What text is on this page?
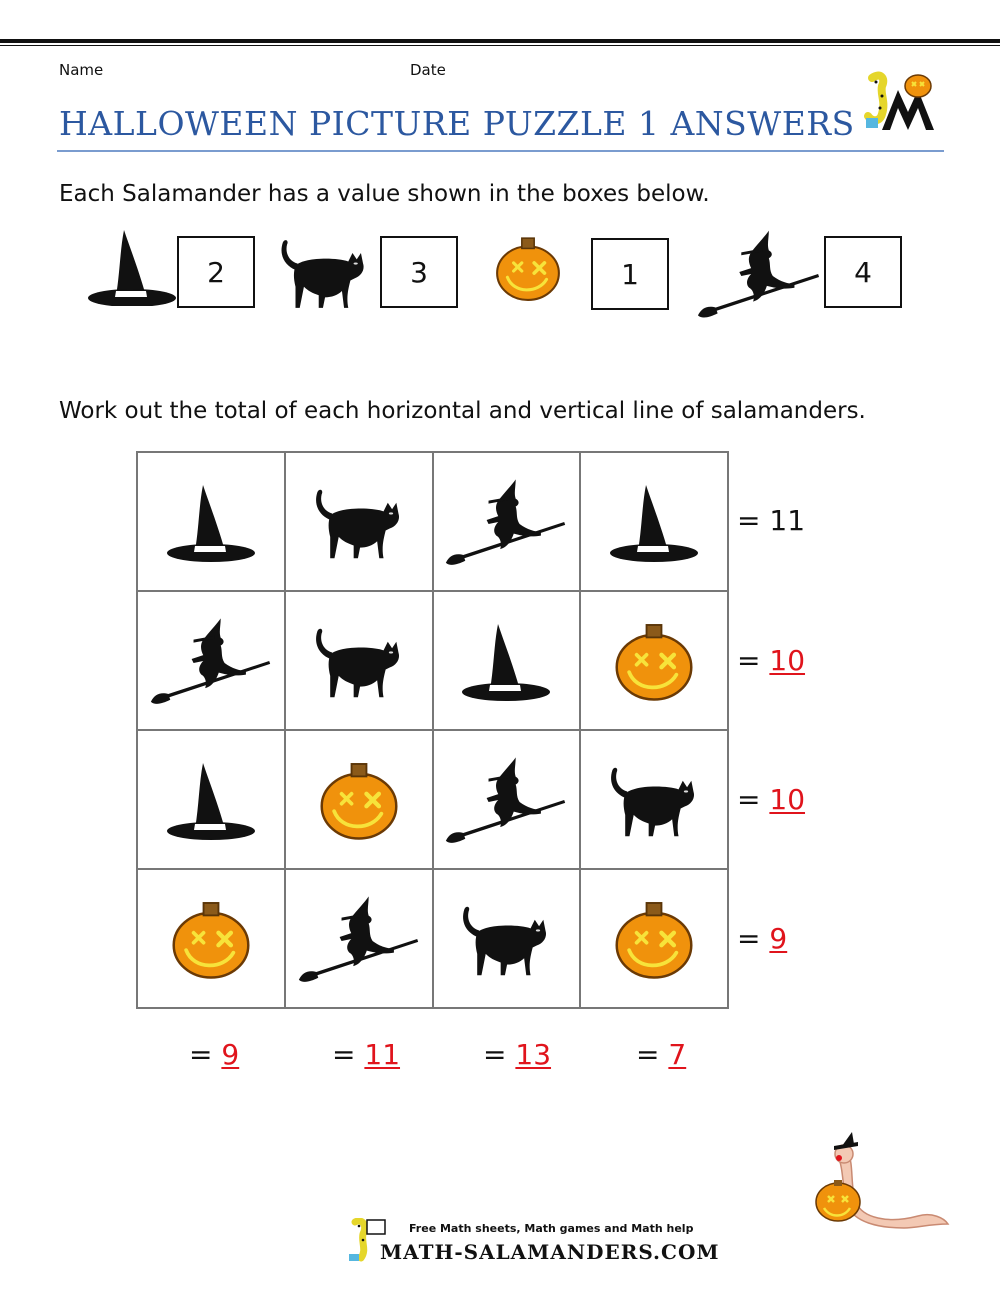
Name	Date
HALLOWEEN PICTURE PUZZLE 1 ANSWERS
Each Salamander has a value shown in the boxes below.
2	3	1	4
Work out the total of each horizontal and vertical line of salamanders.
= 11
= 10
= 10
= 9
= 9	= 11	= 13	= 7
Free Math sheets, Math games and Math help
MATH-SALAMANDERS.COM
